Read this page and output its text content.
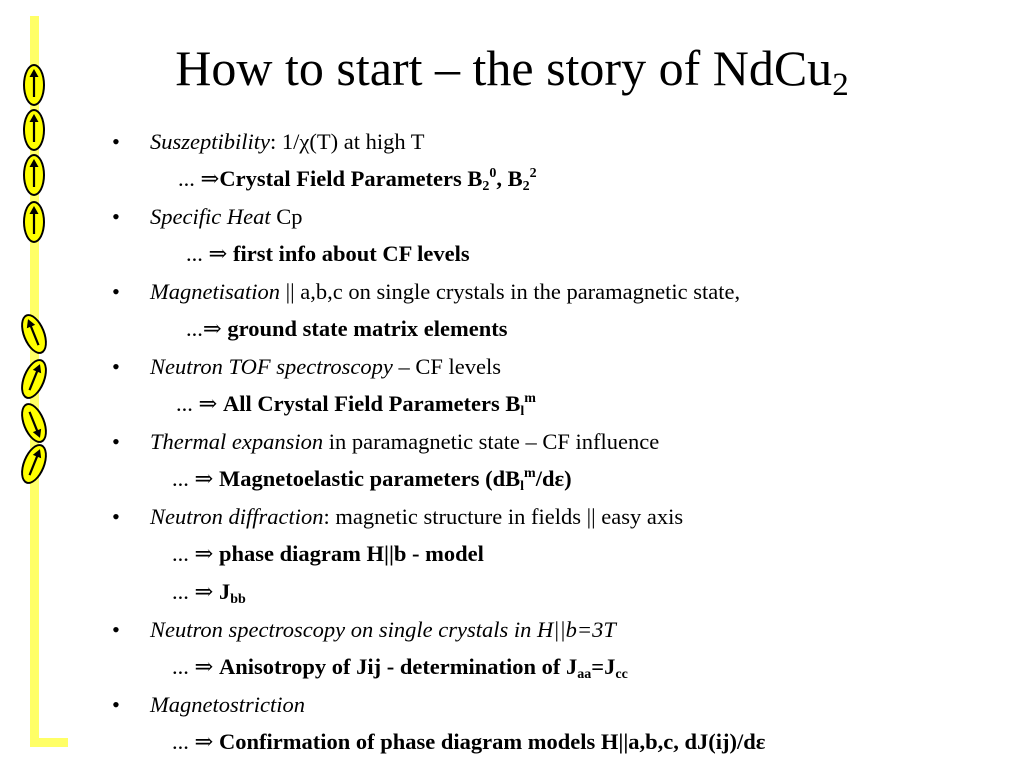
How to start – the story of NdCu$_2$
• Suszeptibility: 1/χ(T) at high T
... ⇒Crystal Field Parameters $B_2^0$, $B_2^2$
• Specific Heat Cp
... ⇒ first info about CF levels
• Magnetisation || a,b,c on single crystals in the paramagnetic state,
...⇒ ground state matrix elements
• Neutron TOF spectroscopy – CF levels
... ⇒ All Crystal Field Parameters $B_l^m$
• Thermal expansion in paramagnetic state – CF influence
... ⇒ Magnetoelastic parameters $(dB_l^m/d\varepsilon)$
• Neutron diffraction: magnetic structure in fields || easy axis
... ⇒ phase diagram H||b - model
... ⇒ $J_{bb}$
• Neutron spectroscopy on single crystals in H||b=3T
... ⇒ Anisotropy of Jij - determination of $J_{aa}=J_{cc}$
• Magnetostriction
... ⇒ Confirmation of phase diagram models H||a,b,c, dJ(ij)/dε
